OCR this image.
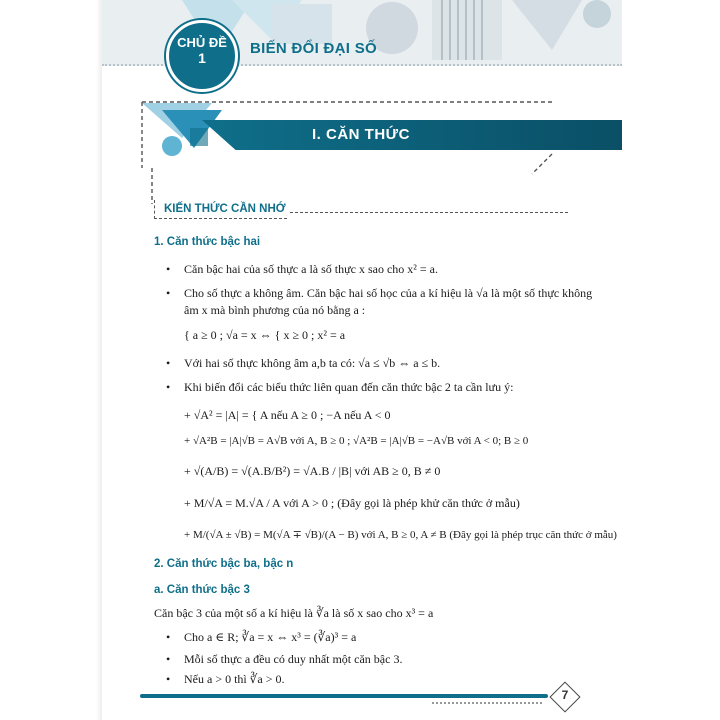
CHỦ ĐỀ
1
BIẾN ĐỔI ĐẠI SỐ
I. CĂN THỨC
KIẾN THỨC CẦN NHỚ
1. Căn thức bậc hai
• Căn bậc hai của số thực a là số thực x sao cho x² = a.
• Cho số thực a không âm. Căn bậc hai số học của a kí hiệu là √a là một số thực không
âm x mà bình phương của nó bằng a :
{ a ≥ 0 ; √a = x ⇔ { x ≥ 0 ; x² = a
• Với hai số thực không âm a,b ta có: √a ≤ √b ⇔ a ≤ b.
• Khi biến đổi các biểu thức liên quan đến căn thức bậc 2 ta cần lưu ý:
+ √A² = |A| = { A nếu A ≥ 0 ; −A nếu A < 0
+ √A²B = |A|√B = A√B với A, B ≥ 0 ; √A²B = |A|√B = −A√B với A < 0; B ≥ 0
+ √(A/B) = √(A.B/B²) = √A.B / |B| với AB ≥ 0, B ≠ 0
+ M/√A = M.√A / A với A > 0 ; (Đây gọi là phép khử căn thức ở mẫu)
+ M/(√A ± √B) = M(√A ∓ √B)/(A − B) với A, B ≥ 0, A ≠ B (Đây gọi là phép trục căn thức ở mẫu)
2. Căn thức bậc ba, bậc n
a. Căn thức bậc 3
Căn bậc 3 của một số a kí hiệu là ∛a là số x sao cho x³ = a
• Cho a ∈ R; ∛a = x ⇔ x³ = (∛a)³ = a
• Mỗi số thực a đều có duy nhất một căn bậc 3.
• Nếu a > 0 thì ∛a > 0.
7
